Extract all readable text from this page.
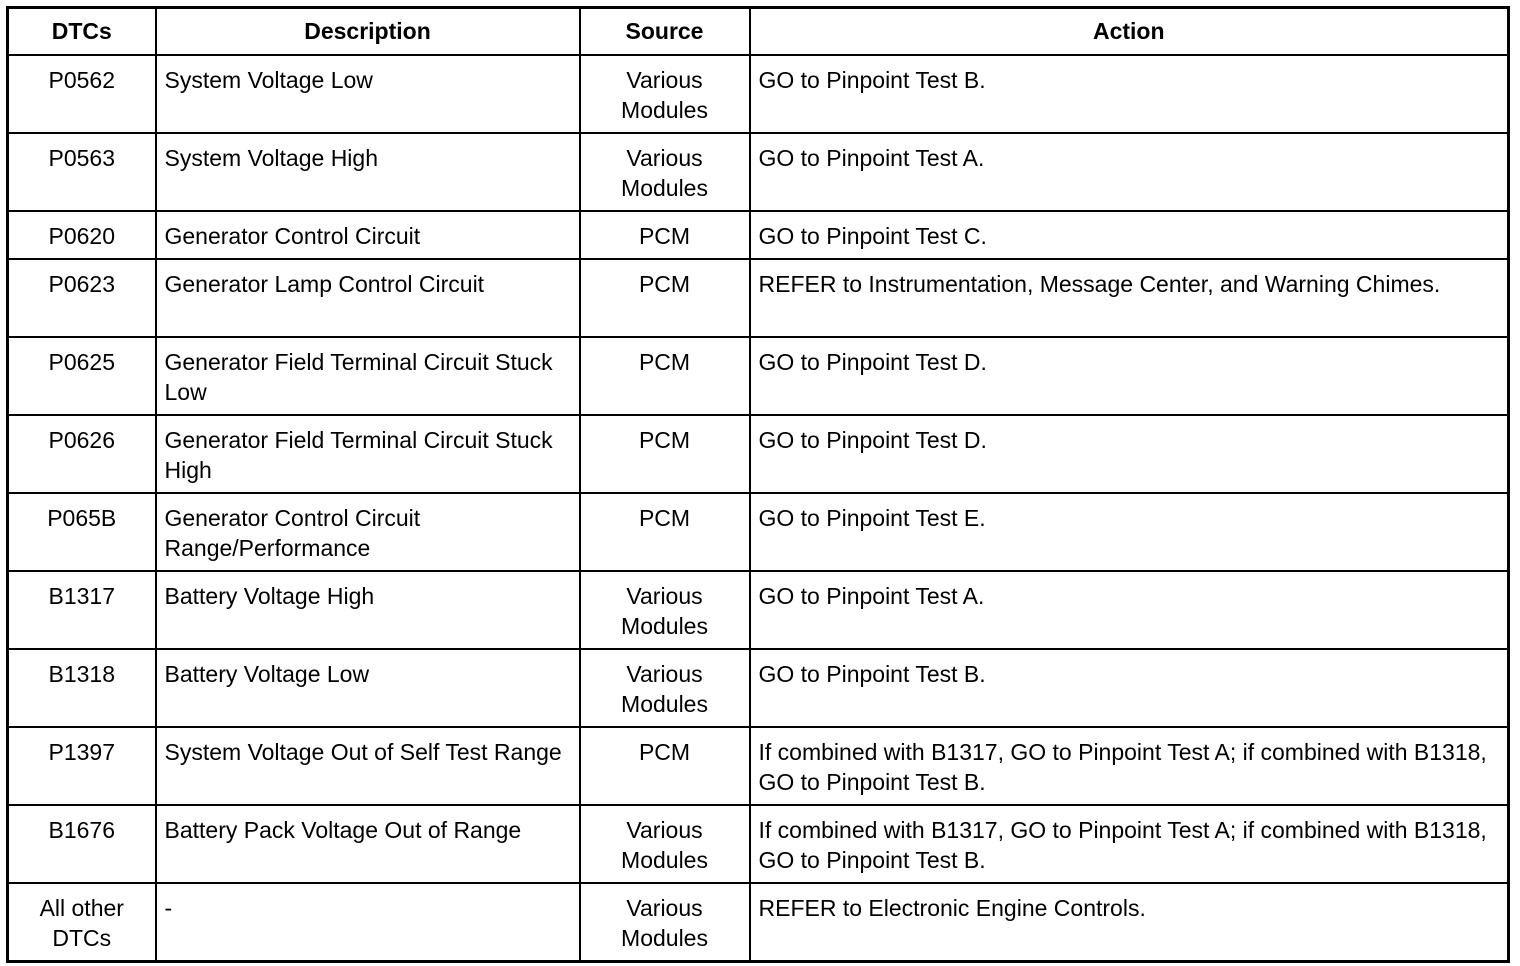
DTCs	Description	Source	Action
P0562	System Voltage Low	Various Modules	GO to Pinpoint Test B.
P0563	System Voltage High	Various Modules	GO to Pinpoint Test A.
P0620	Generator Control Circuit	PCM	GO to Pinpoint Test C.
P0623	Generator Lamp Control Circuit	PCM	REFER to Instrumentation, Message Center, and Warning Chimes.
P0625	Generator Field Terminal Circuit Stuck Low	PCM	GO to Pinpoint Test D.
P0626	Generator Field Terminal Circuit Stuck High	PCM	GO to Pinpoint Test D.
P065B	Generator Control Circuit Range/Performance	PCM	GO to Pinpoint Test E.
B1317	Battery Voltage High	Various Modules	GO to Pinpoint Test A.
B1318	Battery Voltage Low	Various Modules	GO to Pinpoint Test B.
P1397	System Voltage Out of Self Test Range	PCM	If combined with B1317, GO to Pinpoint Test A; if combined with B1318, GO to Pinpoint Test B.
B1676	Battery Pack Voltage Out of Range	Various Modules	If combined with B1317, GO to Pinpoint Test A; if combined with B1318, GO to Pinpoint Test B.
All other DTCs	-	Various Modules	REFER to Electronic Engine Controls.
